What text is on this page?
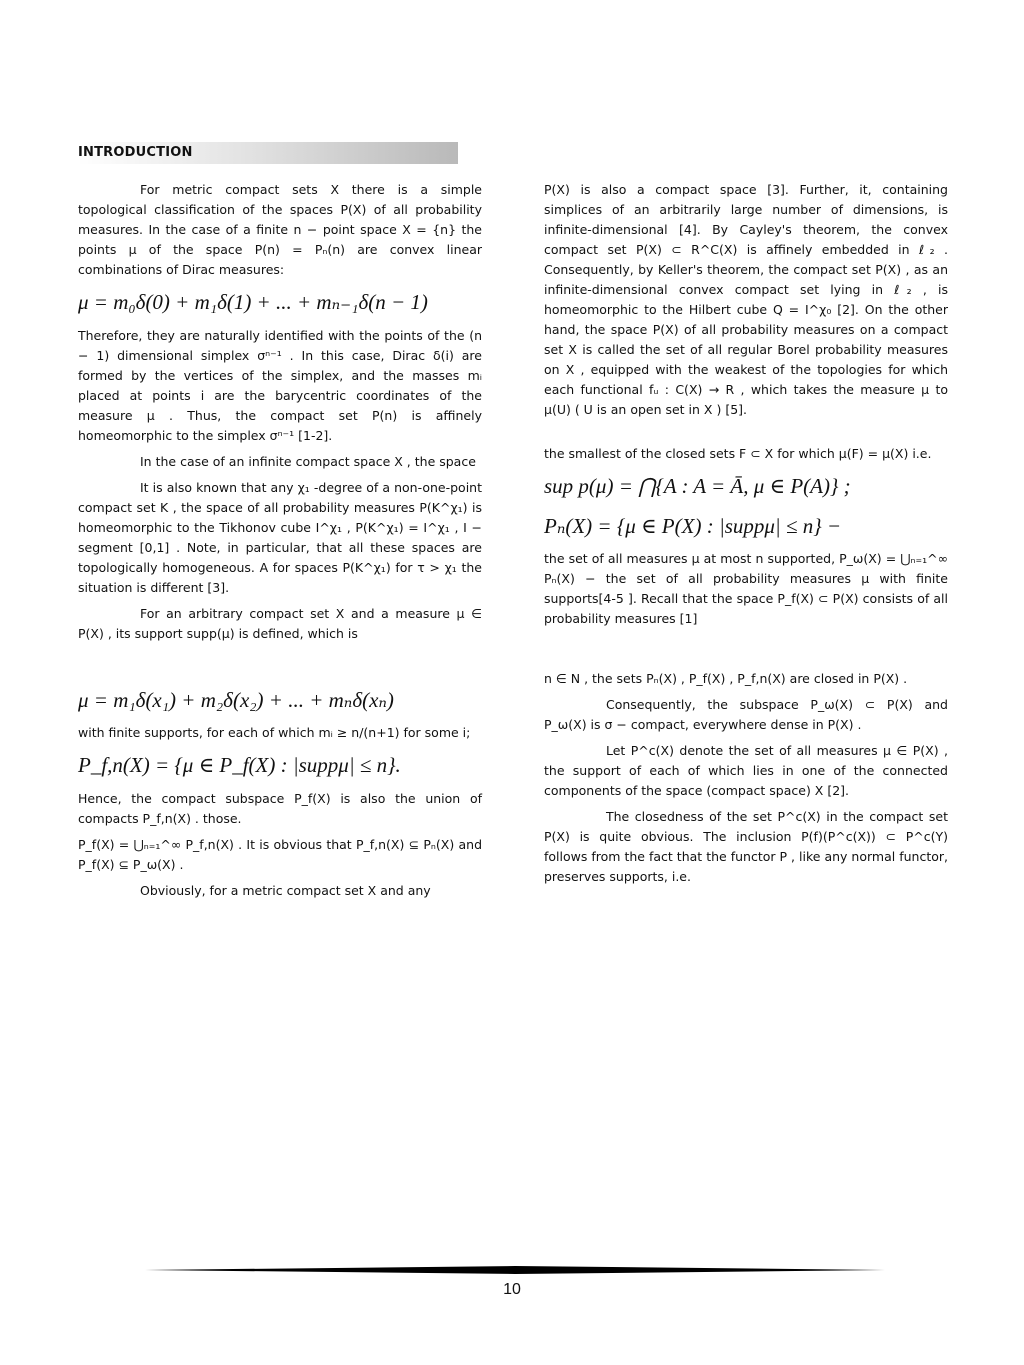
INTRODUCTION

For metric compact sets X there is a simple topological classification of the spaces P(X) of all probability measures. In the case of a finite n − point space X = {n} the points μ of the space P(n) = Pₙ(n) are convex linear combinations of Dirac measures:

μ = m₀δ(0) + m₁δ(1) + ... + mₙ₋₁δ(n − 1)

Therefore, they are naturally identified with the points of the (n − 1) dimensional simplex σⁿ⁻¹ . In this case, Dirac δ(i) are formed by the vertices of the simplex, and the masses mᵢ placed at points i are the barycentric coordinates of the measure μ . Thus, the compact set P(n) is affinely homeomorphic to the simplex σⁿ⁻¹ [1-2].

In the case of an infinite compact space X , the space

It is also known that any χ₁ -degree of a non-one-point compact set K , the space of all probability measures P(K^χ₁) is homeomorphic to the Tikhonov cube I^χ₁ , P(K^χ₁) = I^χ₁ , I − segment [0,1] . Note, in particular, that all these spaces are topologically homogeneous. A for spaces P(K^χ₁) for τ > χ₁ the situation is different [3].

For an arbitrary compact set X and a measure μ ∈ P(X) , its support supp(μ) is defined, which is

μ = m₁δ(x₁) + m₂δ(x₂) + ... + mₙδ(xₙ)

with finite supports, for each of which mᵢ ≥ n/(n+1) for some i;

P_f,n(X) = {μ ∈ P_f(X) : |suppμ| ≤ n}.

Hence, the compact subspace P_f(X) is also the union of compacts P_f,n(X) . those.

P_f(X) = ⋃ₙ₌₁^∞ P_f,n(X) . It is obvious that P_f,n(X) ⊆ Pₙ(X) and P_f(X) ⊆ P_ω(X) .

Obviously, for a metric compact set X and any

P(X) is also a compact space [3]. Further, it, containing simplices of an arbitrarily large number of dimensions, is infinite-dimensional [4]. By Cayley's theorem, the convex compact set P(X) ⊂ R^C(X) is affinely embedded in ℓ₂ . Consequently, by Keller's theorem, the compact set P(X) , as an infinite-dimensional convex compact set lying in ℓ₂ , is homeomorphic to the Hilbert cube Q = I^χ₀ [2]. On the other hand, the space P(X) of all probability measures on a compact set X is called the set of all regular Borel probability measures on X , equipped with the weakest of the topologies for which each functional fᵤ : C(X) → R , which takes the measure μ to μ(U) ( U is an open set in X ) [5].

the smallest of the closed sets F ⊂ X for which μ(F) = μ(X) i.e.

sup p(μ) = ⋂{A : A = Ā, μ ∈ P(A)} ;

Pₙ(X) = {μ ∈ P(X) : |suppμ| ≤ n} −

the set of all measures μ at most n supported, P_ω(X) = ⋃ₙ₌₁^∞ Pₙ(X) − the set of all probability measures μ with finite supports[4-5 ]. Recall that the space P_f(X) ⊂ P(X) consists of all probability measures [1]

n ∈ N , the sets Pₙ(X) , P_f(X) , P_f,n(X) are closed in P(X) .

Consequently, the subspace P_ω(X) ⊂ P(X) and P_ω(X) is σ − compact, everywhere dense in P(X) .

Let P^c(X) denote the set of all measures μ ∈ P(X) , the support of each of which lies in one of the connected components of the space (compact space) X [2].

The closedness of the set P^c(X) in the compact set P(X) is quite obvious. The inclusion P(f)(P^c(X)) ⊂ P^c(Y) follows from the fact that the functor P , like any normal functor, preserves supports, i.e.

10
